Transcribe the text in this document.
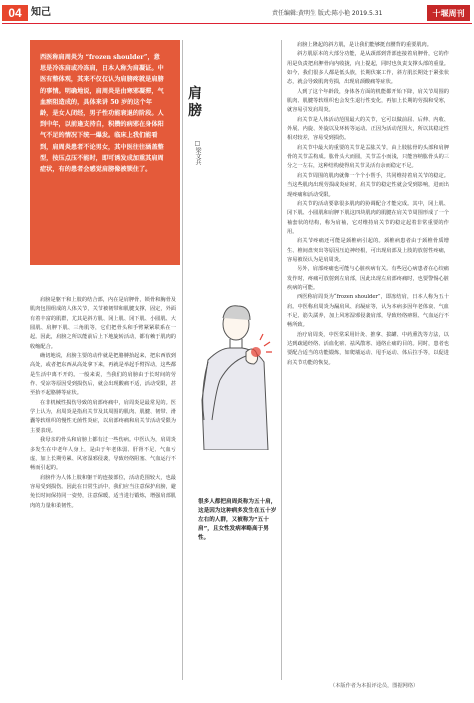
04 知己	责任编辑:黄明生 版式:陈小艳 2019.5.31	十堰周刊
西医称肩周炎为 “frozen shoulder”，意思是冷冻肩或冷冻肩，日本人称为肩凝证。中医有整体观，其来不仅仅认为肩膀疼就是肩膀的事情。明确地说，肩周炎是由寒邪凝滞，气血瘀阻造成的，具体来讲 50 岁的这个年龄，是女人闭经，男子性功能衰退的阶段。人到中年，以前逢支持自，积攒的病邪在身体阳气不足的情况下统一爆发。临床上我们能看到，肩周炎患者不论男女，其中医往往涵盖整型，按压点压不能时，即可诱发成加重其肩周症状，有的患者会感觉肩膀像被锁住了。
肩
膀
□梁文兵

肩膀是躯干和上肢的结合部，内在是肩胛骨，锁骨和胸骨及肌肉包围组成的人体关节，关节被韧带和肌腱支撑，固定，外面有着丰富的肌群，尤其是斜方肌、冈上肌、冈下肌、小圆肌、大圆肌、肩胛下肌、三角肌等，它们把骨头和手臂紧紧联系在一起。因此，肩膀之所以能前后上下地旋转活动，都有赖于肌肉的收缩配合。

确切地说，肩膀主要的动作就是把胳膊抬起来，把东西放到高处，或者把东西从高处拿下来，再就是举起手臂挥动，这些都是生活中离不开的。一般来说，当我们的肩膀由于长时间的劳作、受凉等原因受到损伤后，就会出现酸痛不适，活动受限，甚至抬不起胳膊等症状。

在非机械性损伤导致的肩部疼痛中，肩周炎是最常见的。医学上认为，肩周炎是指肩关节及其周围的肌肉、肌腱、韧带、滑囊等软组织的慢性无菌性炎症，以肩部疼痛和肩关节活动受限为主要表现。

我母亲的骨头和肩膀上都有过一些伤病。中医认为，肩周炎多发生在中老年人身上，是由于年老体弱、肝肾不足、气血亏虚，加上长期劳累、风寒湿邪侵袭，导致经络阻塞、气血运行不畅而引起的。

肩膀作为人体上肢和躯干的连接部位，活动范围较大，也最容易受到损伤。因此在日常生活中，我们应当注意保护肩膀，避免长时间保持同一姿势，注意保暖，适当进行锻炼，增强肩部肌肉的力量和柔韧性。

很多人都把肩周炎称为五十肩，这是因为这种病多发生在五十岁左右的人群，又被称为“五十肩”，且女性发病率略高于男性。

肩膀上隆起的斜方肌，是让我们能够挺直腰背的重要肌肉。

斜方肌原本的大部分功能，是从颈部到背部连接着肩胛骨，它的作用是负责把肩胛骨向内收拢，向上提起，同时也负责支撑头部的重量。如今，我们很多人都是低头族，长期伏案工作，斜方肌长期处于紧张状态，就会导致肌肉劳损，出现肩颈酸痛等症状。

人到了这个年龄段，身体各方面的机能都开始下降，肩关节周围的肌肉、肌腱等软组织也会发生退行性变化，再加上长期的劳损和受寒，就容易引发肩周炎。

肩关节是人体活动范围最大的关节，它可以做前屈、后伸、内收、外展、内旋、外旋以及环转等运动。正因为活动范围大，所以其稳定性相对较差，容易受到损伤。

肩关节中最大的重要的关节是盂肱关节，由上肢肱骨的头部和肩胛骨的关节盂构成。肱骨头大而圆，关节盂小而浅，只能容纳肱骨头的三分之一左右，这种结构使得肩关节灵活有余而稳定不足。

肩关节周围的肌肉就像一个个小帮手，共同维持着肩关节的稳定。当这些肌肉出现劳损或炎症时，肩关节的稳定性就会受到影响，进而出现疼痛和活动受限。

肩关节的活动要靠很多肌肉的协调配合才能完成。其中，冈上肌、冈下肌、小圆肌和肩胛下肌这四块肌肉的肌腱在肩关节周围形成了一个袖套状的结构，称为肩袖，它对维持肩关节的稳定起着非常重要的作用。

肩关节疼痛还可能是颈椎病引起的。颈椎病患者由于颈椎骨质增生、椎间盘突出等原因压迫神经根，可出现肩部及上肢的放射性疼痛，容易被误认为是肩周炎。

另外，肩部疼痛也可能与心脏疾病有关。有些冠心病患者在心绞痛发作时，疼痛可放射到左肩部，因此出现左肩部疼痛时，也要警惕心脏疾病的可能。

西医称肩周炎为“frozen shoulder”，即冻结肩，日本人称为五十肩。中医称肩周炎为漏肩风、肩凝症等，认为本病多因年老体衰、气血不足、筋失濡养，加上风寒湿邪侵袭肩部，导致经络痹阻、气血运行不畅所致。

治疗肩周炎，中医常采用针灸、推拿、拔罐、中药熏洗等方法，以达到疏通经络、活血化瘀、祛风散寒、通络止痛的目的。同时，患者也要配合适当的功能锻炼，如爬墙运动、甩手运动、体后拉手等，以促进肩关节功能的恢复。

（本版作者为本报评论员，图据网络）
